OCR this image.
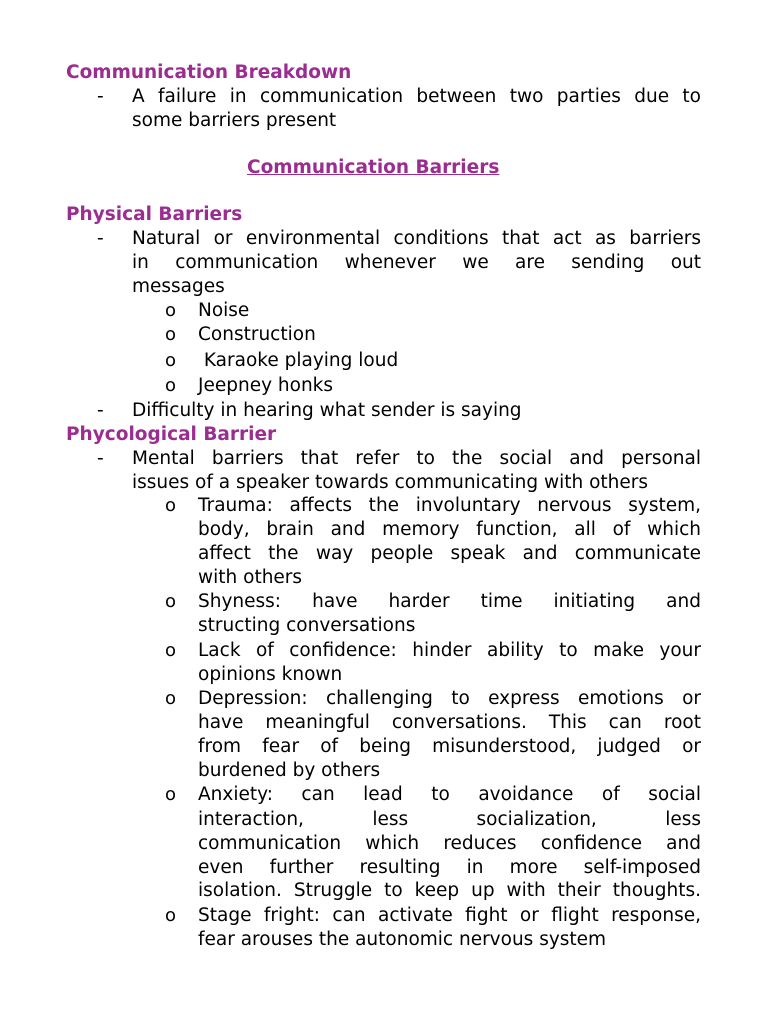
Communication Breakdown
- A failure in communication between two parties due to
some barriers present
Communication Barriers
Physical Barriers
- Natural or environmental conditions that act as barriers
in communication whenever we are sending out
messages
o Noise
o Construction
o Karaoke playing loud
o Jeepney honks
- Difficulty in hearing what sender is saying
Phycological Barrier
- Mental barriers that refer to the social and personal
issues of a speaker towards communicating with others
o Trauma: affects the involuntary nervous system,
body, brain and memory function, all of which
affect the way people speak and communicate
with others
o Shyness: have harder time initiating and
structing conversations
o Lack of confidence: hinder ability to make your
opinions known
o Depression: challenging to express emotions or
have meaningful conversations. This can root
from fear of being misunderstood, judged or
burdened by others
o Anxiety: can lead to avoidance of social
interaction, less socialization, less
communication which reduces confidence and
even further resulting in more self-imposed
isolation. Struggle to keep up with their thoughts.
o Stage fright: can activate fight or flight response,
fear arouses the autonomic nervous system
